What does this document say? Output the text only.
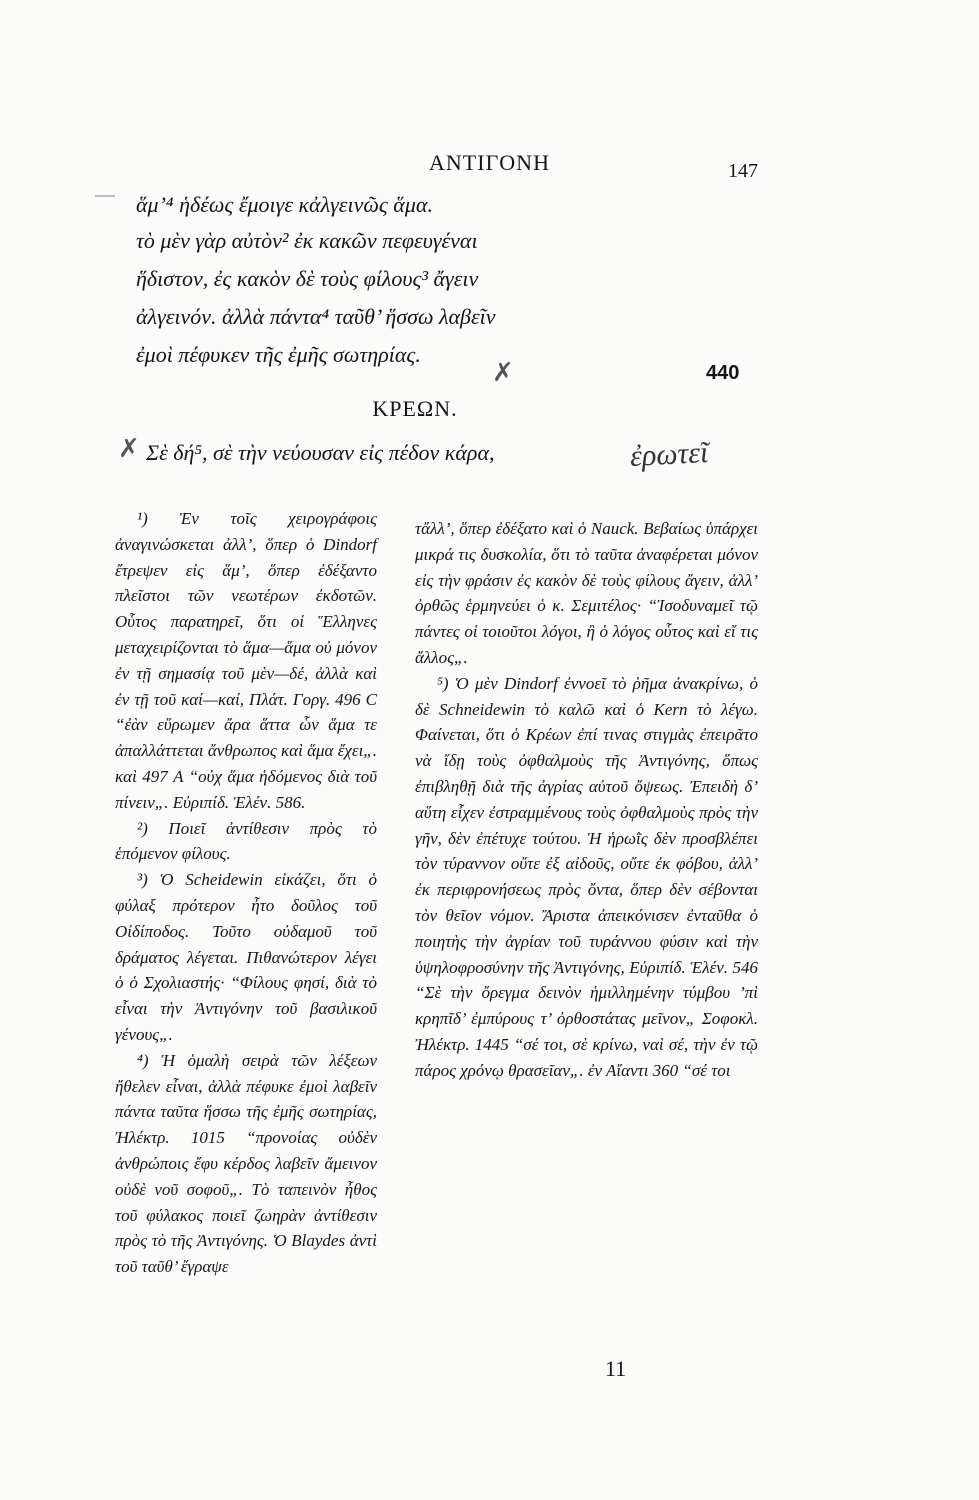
ΑΝΤΙΓΟΝΗ	147
ἅμ’⁴ ἡδέως ἔμοιγε κἀλγεινῶς ἅμα.
τὸ μὲν γὰρ αὐτὸν² ἐκ κακῶν πεφευγέναι
ἥδιστον, ἐς κακὸν δὲ τοὺς φίλους³ ἄγειν
ἀλγεινόν. ἀλλὰ πάντα⁴ ταῦθ’ ἥσσω λαβεῖν
ἐμοὶ πέφυκεν τῆς ἐμῆς σωτηρίας.
✗	440
ΚΡΕΩΝ.
✗ Σὲ δή⁵, σὲ τὴν νεύουσαν εἰς πέδον κάρα,	ἐρωτεῖ

¹) Ἐν τοῖς χειρογράφοις ἀναγινώσκεται ἀλλ’, ὅπερ ὁ Dindorf ἔτρεψεν εἰς ἅμ’, ὅπερ ἐδέξαντο πλεῖστοι τῶν νεωτέρων ἐκδοτῶν. Οὗτος παρατηρεῖ, ὅτι οἱ Ἕλληνες μεταχειρίζονται τὸ ἅμα—ἅμα οὐ μόνον ἐν τῇ σημασίᾳ τοῦ μὲν—δέ, ἀλλὰ καὶ ἐν τῇ τοῦ καί—καί, Πλάτ. Γοργ. 496 C “ἐὰν εὕρωμεν ἄρα ἅττα ὧν ἅμα τε ἀπαλλάττεται ἄνθρωπος καὶ ἅμα ἔχει„. καὶ 497 A “οὐχ ἅμα ἡδόμενος διὰ τοῦ πίνειν„. Εὐριπίδ. Ἑλέν. 586.

²) Ποιεῖ ἀντίθεσιν πρὸς τὸ ἑπόμενον φίλους.

³) Ὁ Scheidewin εἰκάζει, ὅτι ὁ φύλαξ πρότερον ἦτο δοῦλος τοῦ Οἰδίποδος. Τοῦτο οὐδαμοῦ τοῦ δράματος λέγεται. Πιθανώτερον λέγει ὁ ὁ Σχολιαστής· “Φίλους φησί, διὰ τὸ εἶναι τὴν Ἀντιγόνην τοῦ βασιλικοῦ γένους„.

⁴) Ἡ ὁμαλὴ σειρὰ τῶν λέξεων ἤθελεν εἶναι, ἀλλὰ πέφυκε ἐμοὶ λαβεῖν πάντα ταῦτα ἥσσω τῆς ἐμῆς σωτηρίας, Ἠλέκτρ. 1015 “προνοίας οὐδὲν ἀνθρώποις ἔφυ κέρδος λαβεῖν ἄμεινον οὐδὲ νοῦ σοφοῦ„. Τὸ ταπεινὸν ἦθος τοῦ φύλακος ποιεῖ ζωηρὰν ἀντίθεσιν πρὸς τὸ τῆς Ἀντιγόνης. Ὁ Blaydes ἀντὶ τοῦ ταῦθ’ ἔγραψε

τἄλλ’, ὅπερ ἐδέξατο καὶ ὁ Nauck. Βεβαίως ὑπάρχει μικρά τις δυσκολία, ὅτι τὸ ταῦτα ἀναφέρεται μόνον εἰς τὴν φράσιν ἐς κακὸν δὲ τοὺς φίλους ἄγειν, ἀλλ’ ὀρθῶς ἑρμηνεύει ὁ κ. Σεμιτέλος· “Ἰσοδυναμεῖ τῷ πάντες οἱ τοιοῦτοι λόγοι, ἢ ὁ λόγος οὗτος καὶ εἴ τις ἄλλος„.

⁵) Ὁ μὲν Dindorf ἐννοεῖ τὸ ῥῆμα ἀνακρίνω, ὁ δὲ Schneidewin τὸ καλῶ καὶ ὁ Kern τὸ λέγω. Φαίνεται, ὅτι ὁ Κρέων ἐπί τινας στιγμὰς ἐπειρᾶτο νὰ ἴδῃ τοὺς ὀφθαλμοὺς τῆς Ἀντιγόνης, ὅπως ἐπιβληθῇ διὰ τῆς ἀγρίας αὐτοῦ ὄψεως. Ἐπειδὴ δ’ αὕτη εἶχεν ἐστραμμένους τοὺς ὀφθαλμοὺς πρὸς τὴν γῆν, δὲν ἐπέτυχε τούτου. Ἡ ἡρωῒς δὲν προσβλέπει τὸν τύραννον οὔτε ἐξ αἰδοῦς, οὔτε ἐκ φόβου, ἀλλ’ ἐκ περιφρονήσεως πρὸς ὄντα, ὅπερ δὲν σέβονται τὸν θεῖον νόμον. Ἄριστα ἀπεικόνισεν ἐνταῦθα ὁ ποιητὴς τὴν ἀγρίαν τοῦ τυράννου φύσιν καὶ τὴν ὑψηλοφροσύνην τῆς Ἀντιγόνης, Εὐριπίδ. Ἑλέν. 546 “Σὲ τὴν ὄρεγμα δεινὸν ἡμιλλημένην τύμβου ’πὶ κρηπῖδ’ ἐμπύρους τ’ ὀρθοστάτας μεῖνον„ Σοφοκλ. Ἠλέκτρ. 1445 “σέ τοι, σὲ κρίνω, ναὶ σέ, τὴν ἐν τῷ πάρος χρόνῳ θρασεῖαν„. ἐν Αἴαντι 360 “σέ τοι

11
